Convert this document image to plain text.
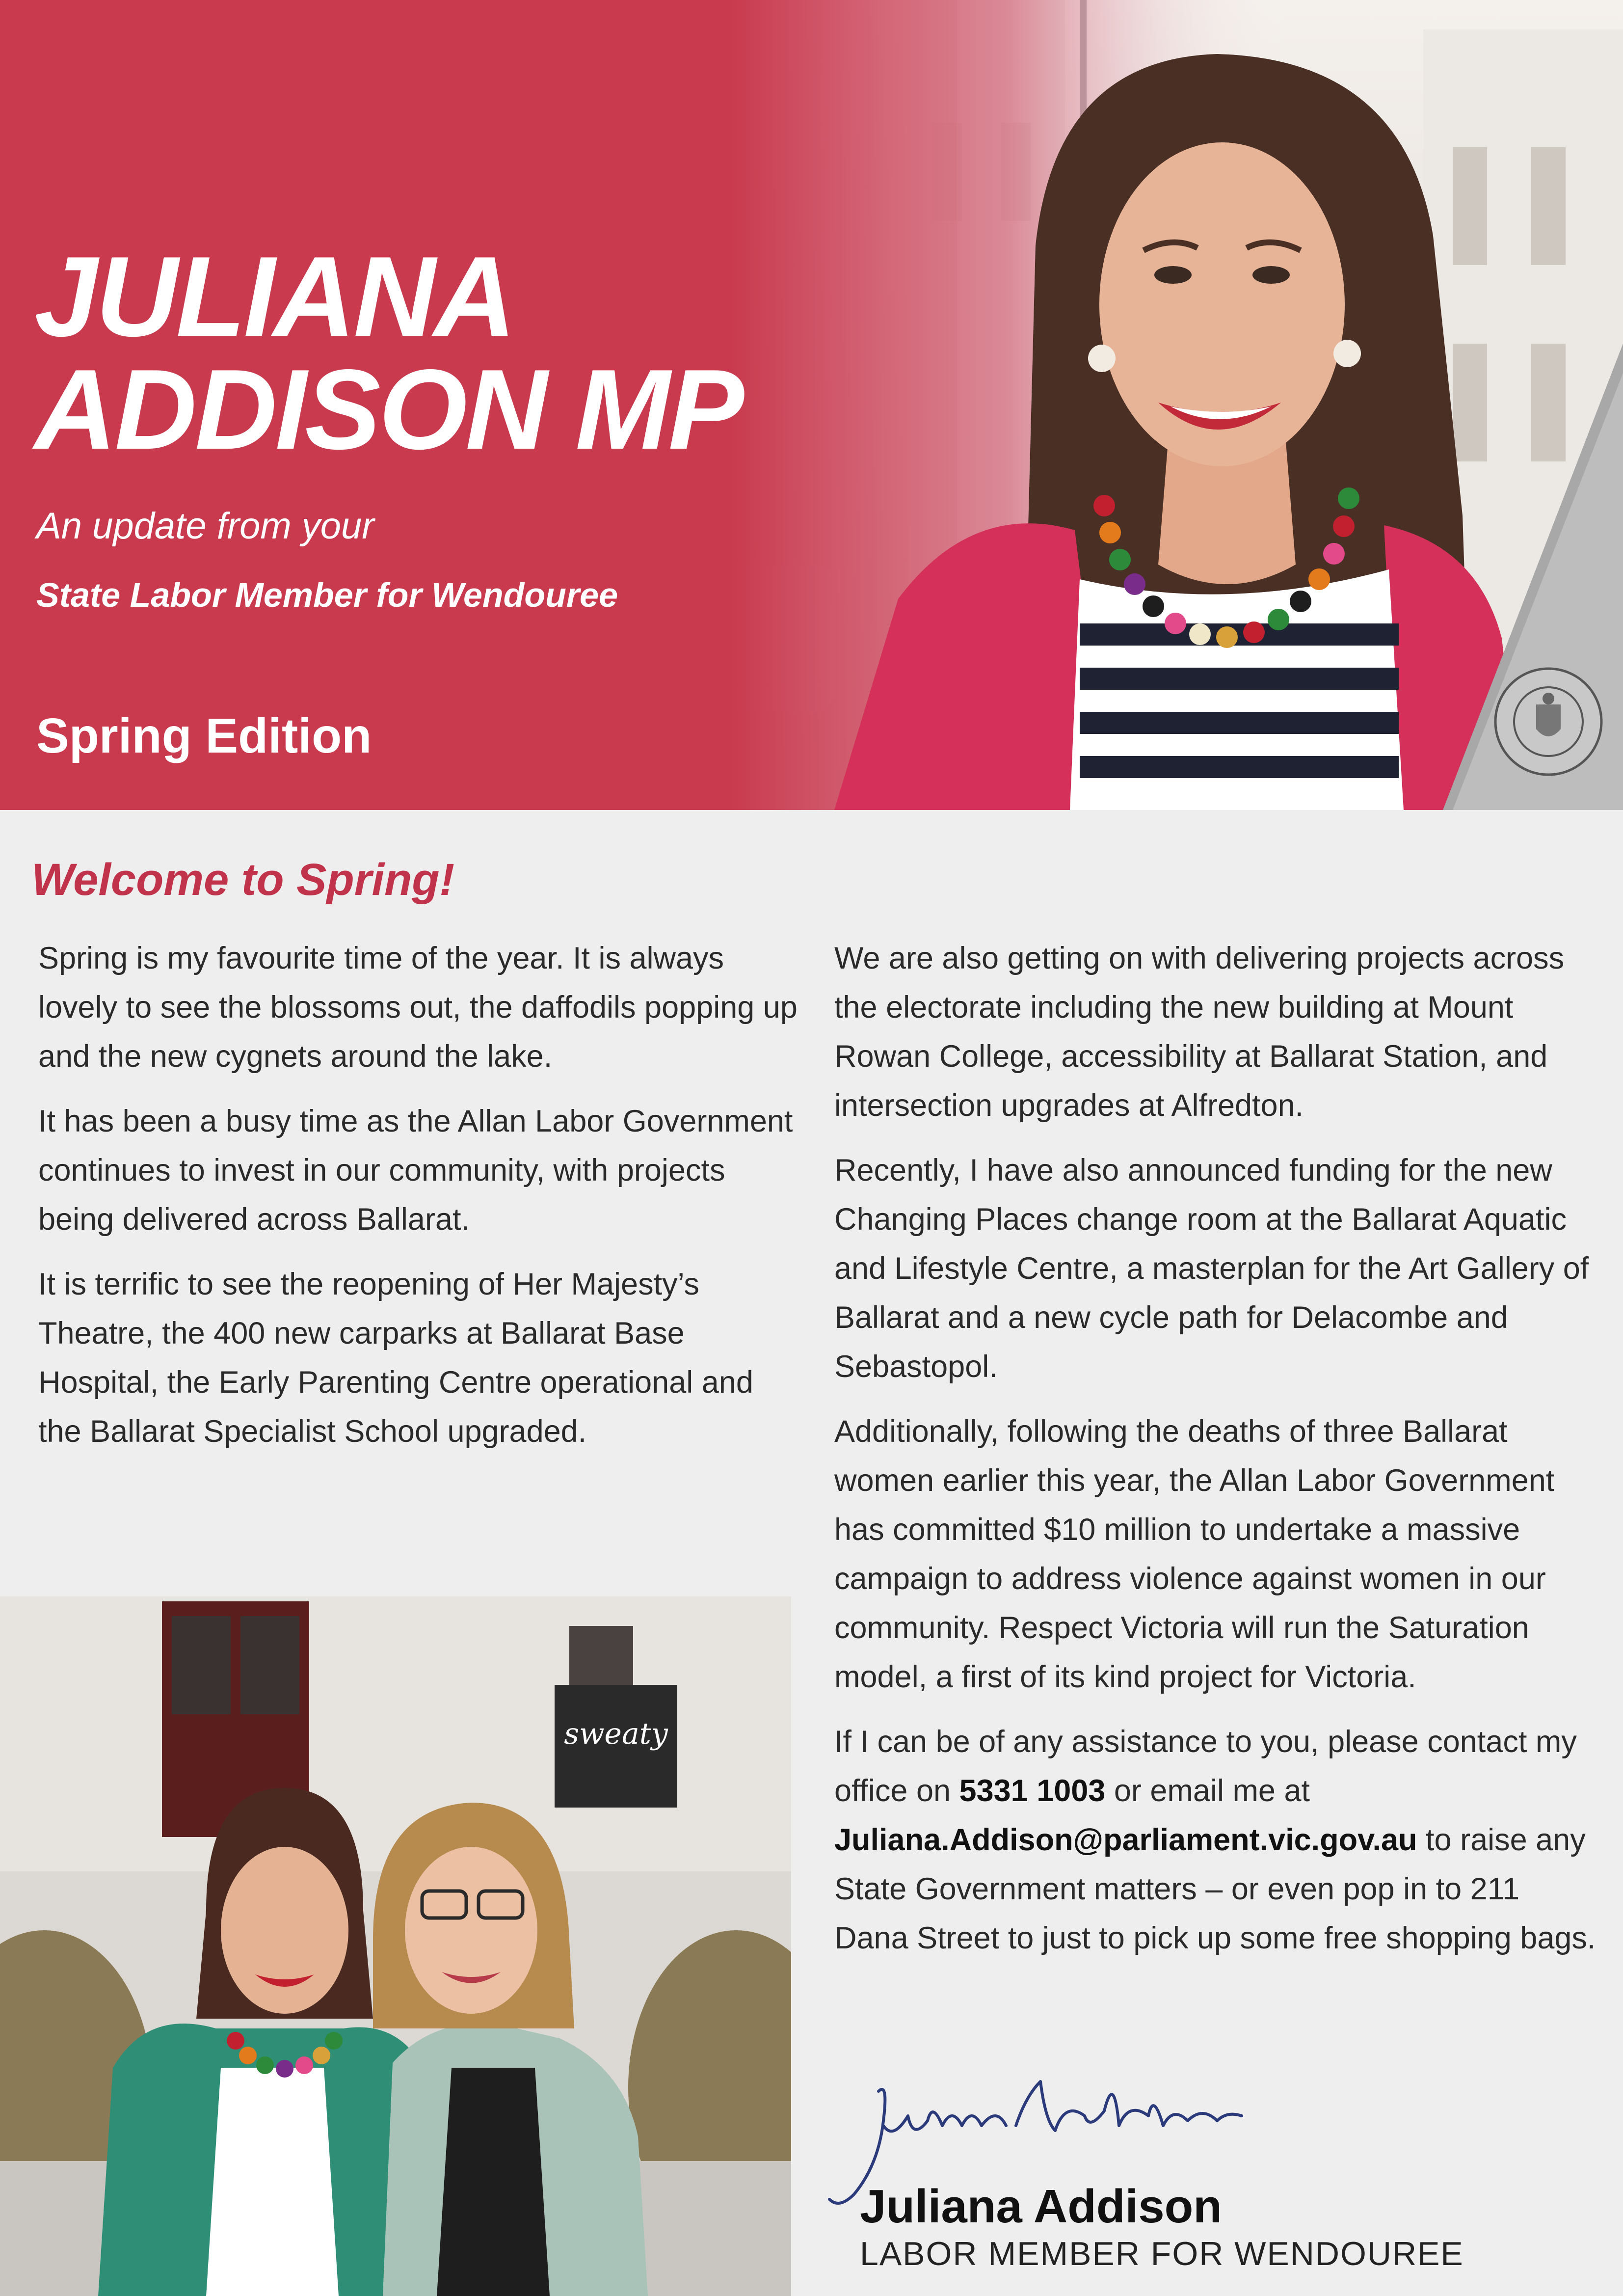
JULIANA
ADDISON MP
An update from your
State Labor Member for Wendouree
Spring Edition
Welcome to Spring!

Spring is my favourite time of the year. It is always lovely to see the blossoms out, the daffodils popping up and the new cygnets around the lake.

It has been a busy time as the Allan Labor Government continues to invest in our community, with projects being delivered across Ballarat.

It is terrific to see the reopening of Her Majesty’s Theatre, the 400 new carparks at Ballarat Base Hospital, the Early Parenting Centre operational and the Ballarat Specialist School upgraded.

We are also getting on with delivering projects across the electorate including the new building at Mount Rowan College, accessibility at Ballarat Station, and intersection upgrades at Alfredton.

Recently, I have also announced funding for the new Changing Places change room at the Ballarat Aquatic and Lifestyle Centre, a masterplan for the Art Gallery of Ballarat and a new cycle path for Delacombe and Sebastopol.

Additionally, following the deaths of three Ballarat women earlier this year, the Allan Labor Government has committed $10 million to undertake a massive campaign to address violence against women in our community. Respect Victoria will run the Saturation model, a first of its kind project for Victoria.

If I can be of any assistance to you, please contact my office on 5331 1003 or email me at Juliana.Addison@parliament.vic.gov.au to raise any State Government matters – or even pop in to 211 Dana Street to just to pick up some free shopping bags.

sweaty
Juliana Addison
LABOR MEMBER FOR WENDOUREE
